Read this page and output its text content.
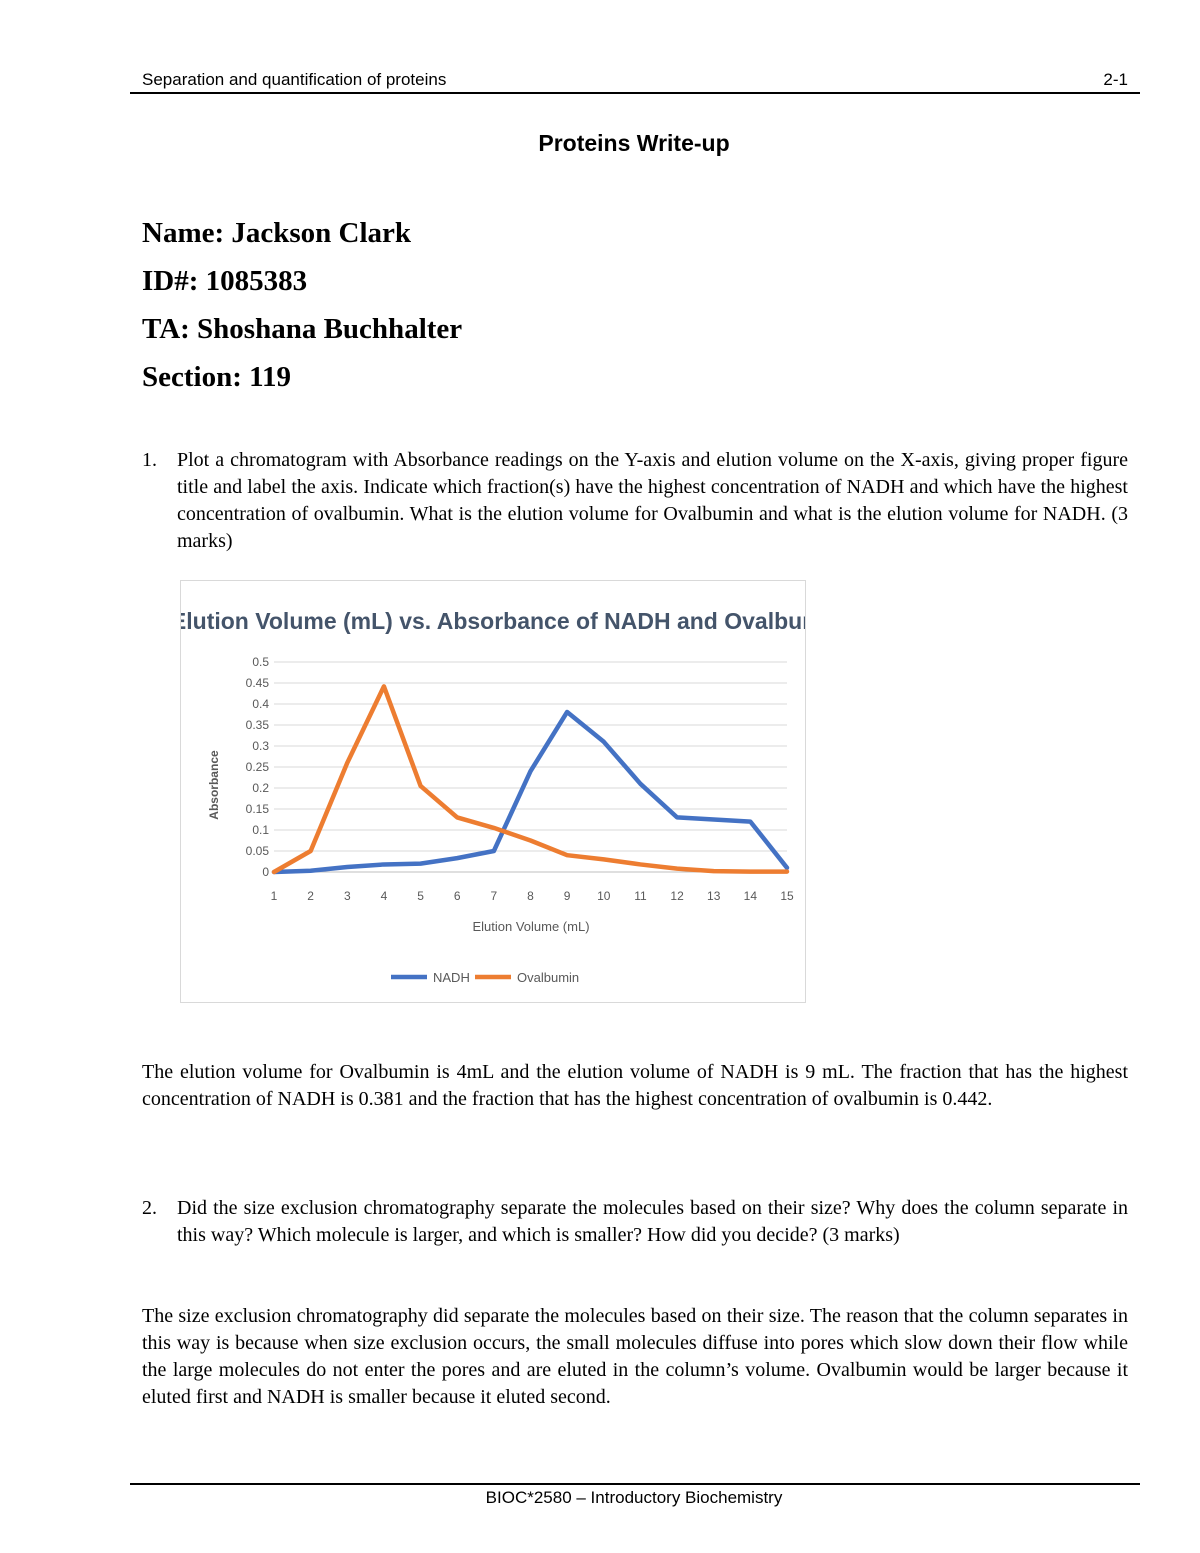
Separation and quantification of proteins	2-1
Proteins Write-up
Name: Jackson Clark
ID#: 1085383
TA: Shoshana Buchhalter
Section: 119
1. Plot a chromatogram with Absorbance readings on the Y-axis and elution volume on the X-axis, giving proper figure title and label the axis. Indicate which fraction(s) have the highest concentration of NADH and which have the highest concentration of ovalbumin. What is the elution volume for Ovalbumin and what is the elution volume for NADH. (3 marks)
Elution Volume (mL) vs. Absorbance of NADH and Ovalbumin
0
0.05
0.1
0.15
0.2
0.25
0.3
0.35
0.4
0.45
0.5
1 2 3 4 5 6 7 8 9 10 11 12 13 14 15
Absorbance
Elution Volume (mL)
NADH	Ovalbumin
The elution volume for Ovalbumin is 4mL and the elution volume of NADH is 9 mL. The fraction that has the highest concentration of NADH is 0.381 and the fraction that has the highest concentration of ovalbumin is 0.442.
2. Did the size exclusion chromatography separate the molecules based on their size? Why does the column separate in this way? Which molecule is larger, and which is smaller? How did you decide? (3 marks)
The size exclusion chromatography did separate the molecules based on their size. The reason that the column separates in this way is because when size exclusion occurs, the small molecules diffuse into pores which slow down their flow while the large molecules do not enter the pores and are eluted in the column’s volume. Ovalbumin would be larger because it eluted first and NADH is smaller because it eluted second.
BIOC*2580 – Introductory Biochemistry
